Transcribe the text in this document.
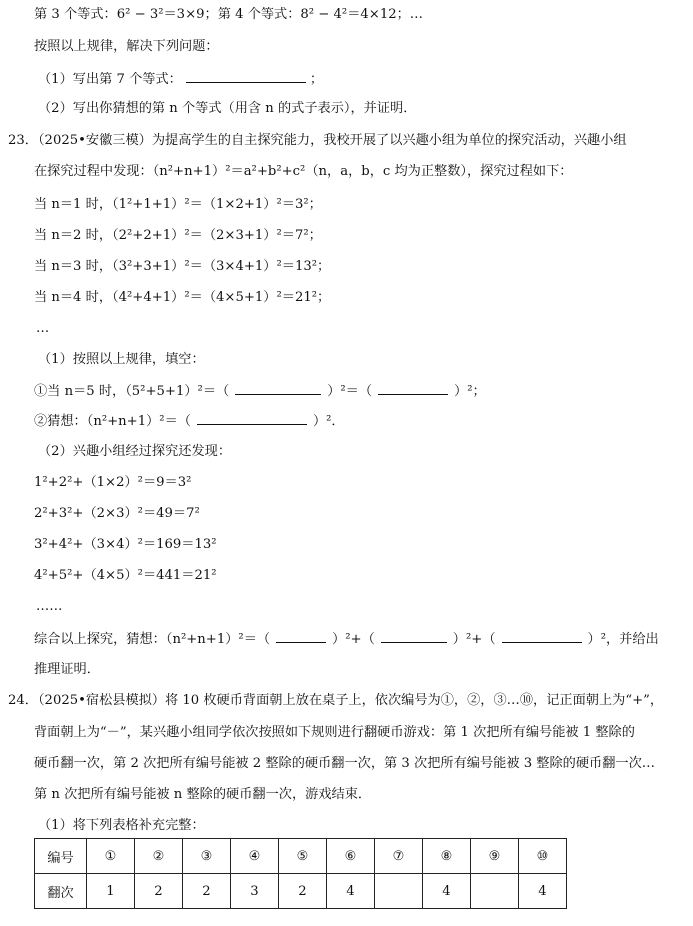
第 3 个等式：6² − 3²＝3×9；第 4 个等式：8² − 4²＝4×12；…
按照以上规律，解决下列问题：
（1）写出第 7 个等式：	；
（2）写出你猜想的第 n 个等式（用含 n 的式子表示），并证明．
23．（2025•安徽三模）为提高学生的自主探究能力，我校开展了以兴趣小组为单位的探究活动，兴趣小组
在探究过程中发现：（n²+n+1）²＝a²+b²+c²（n，a，b，c 均为正整数），探究过程如下：
当 n＝1 时，（1²+1+1）²＝（1×2+1）²＝3²；
当 n＝2 时，（2²+2+1）²＝（2×3+1）²＝7²；
当 n＝3 时，（3²+3+1）²＝（3×4+1）²＝13²；
当 n＝4 时，（4²+4+1）²＝（4×5+1）²＝21²；
…
（1）按照以上规律，填空：
①当 n＝5 时，（5²+5+1）²＝（	）²＝（	）²；
②猜想：（n²+n+1）²＝（	）²．
（2）兴趣小组经过探究还发现：
1²+2²+（1×2）²＝9＝3²
2²+3²+（2×3）²＝49＝7²
3²+4²+（3×4）²＝169＝13²
4²+5²+（4×5）²＝441＝21²
……
综合以上探究，猜想：（n²+n+1）²＝（	）²+（	）²+（	）²，并给出
推理证明．
24．（2025•宿松县模拟）将 10 枚硬币背面朝上放在桌子上，依次编号为①，②，③…⑩，记正面朝上为“+”，
背面朝上为“－”，某兴趣小组同学依次按照如下规则进行翻硬币游戏：第 1 次把所有编号能被 1 整除的
硬币翻一次，第 2 次把所有编号能被 2 整除的硬币翻一次，第 3 次把所有编号能被 3 整除的硬币翻一次…
第 n 次把所有编号能被 n 整除的硬币翻一次，游戏结束．
（1）将下列表格补充完整：
编号	①	②	③	④	⑤	⑥	⑦	⑧	⑨	⑩
翻次	1	2	2	3	2	4		4		4
